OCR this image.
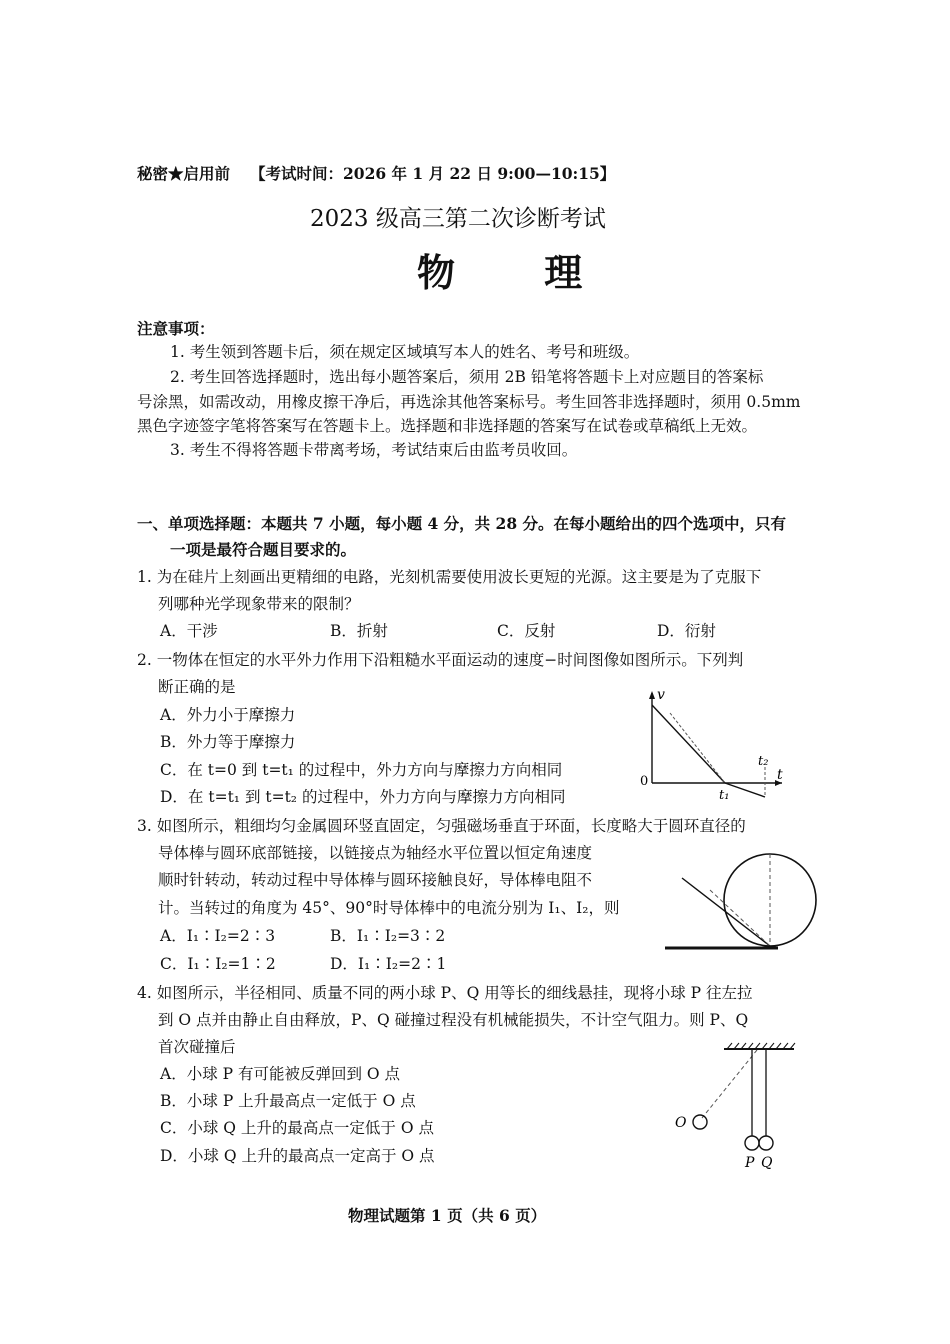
秘密★启用前 【考试时间：2026 年 1 月 22 日 9:00—10:15】
2023 级高三第二次诊断考试
物 理
注意事项：
1. 考生领到答题卡后，须在规定区域填写本人的姓名、考号和班级。
2. 考生回答选择题时，选出每小题答案后，须用 2B 铅笔将答题卡上对应题目的答案标
号涂黑，如需改动，用橡皮擦干净后，再选涂其他答案标号。考生回答非选择题时，须用 0.5mm
黑色字迹签字笔将答案写在答题卡上。选择题和非选择题的答案写在试卷或草稿纸上无效。
3. 考生不得将答题卡带离考场，考试结束后由监考员收回。
一、单项选择题：本题共 7 小题，每小题 4 分，共 28 分。在每小题给出的四个选项中，只有
一项是最符合题目要求的。
1. 为在硅片上刻画出更精细的电路，光刻机需要使用波长更短的光源。这主要是为了克服下
列哪种光学现象带来的限制？
A．干涉	B．折射	C．反射	D．衍射
2. 一物体在恒定的水平外力作用下沿粗糙水平面运动的速度−时间图像如图所示。下列判
断正确的是
A．外力小于摩擦力
B．外力等于摩擦力
C．在 t=0 到 t=t₁ 的过程中，外力方向与摩擦力方向相同
D．在 t=t₁ 到 t=t₂ 的过程中，外力方向与摩擦力方向相同
v
t
0
t₁
t₂
3. 如图所示，粗细均匀金属圆环竖直固定，匀强磁场垂直于环面，长度略大于圆环直径的
导体棒与圆环底部链接，以链接点为轴经水平位置以恒定角速度
顺时针转动，转动过程中导体棒与圆环接触良好，导体棒电阻不
计。当转过的角度为 45°、90°时导体棒中的电流分别为 I₁、I₂，则
A．I₁∶I₂=2∶3	B．I₁∶I₂=3∶2
C．I₁∶I₂=1∶2	D．I₁∶I₂=2∶1
4. 如图所示，半径相同、质量不同的两小球 P、Q 用等长的细线悬挂，现将小球 P 往左拉
到 O 点并由静止自由释放，P、Q 碰撞过程没有机械能损失，不计空气阻力。则 P、Q
首次碰撞后
A．小球 P 有可能被反弹回到 O 点
B．小球 P 上升最高点一定低于 O 点
C．小球 Q 上升的最高点一定低于 O 点
D．小球 Q 上升的最高点一定高于 O 点
O
P Q
物理试题第 1 页（共 6 页）
